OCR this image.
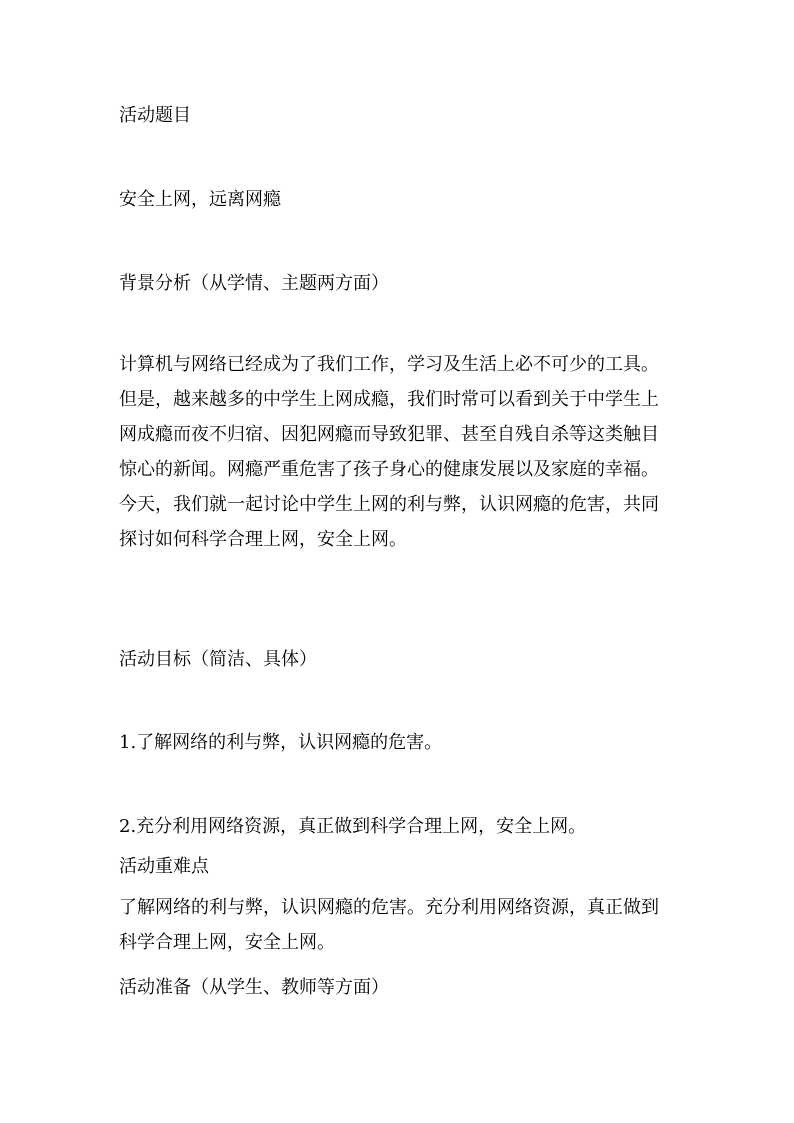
活动题目
安全上网，远离网瘾
背景分析（从学情、主题两方面）
计算机与网络已经成为了我们工作，学习及生活上必不可少的工具。
但是，越来越多的中学生上网成瘾，我们时常可以看到关于中学生上
网成瘾而夜不归宿、因犯网瘾而导致犯罪、甚至自残自杀等这类触目
惊心的新闻。网瘾严重危害了孩子身心的健康发展以及家庭的幸福。
今天，我们就一起讨论中学生上网的利与弊，认识网瘾的危害，共同
探讨如何科学合理上网，安全上网。
活动目标（简洁、具体）
1.了解网络的利与弊，认识网瘾的危害。
2.充分利用网络资源，真正做到科学合理上网，安全上网。
活动重难点
了解网络的利与弊，认识网瘾的危害。充分利用网络资源，真正做到
科学合理上网，安全上网。
活动准备（从学生、教师等方面）
